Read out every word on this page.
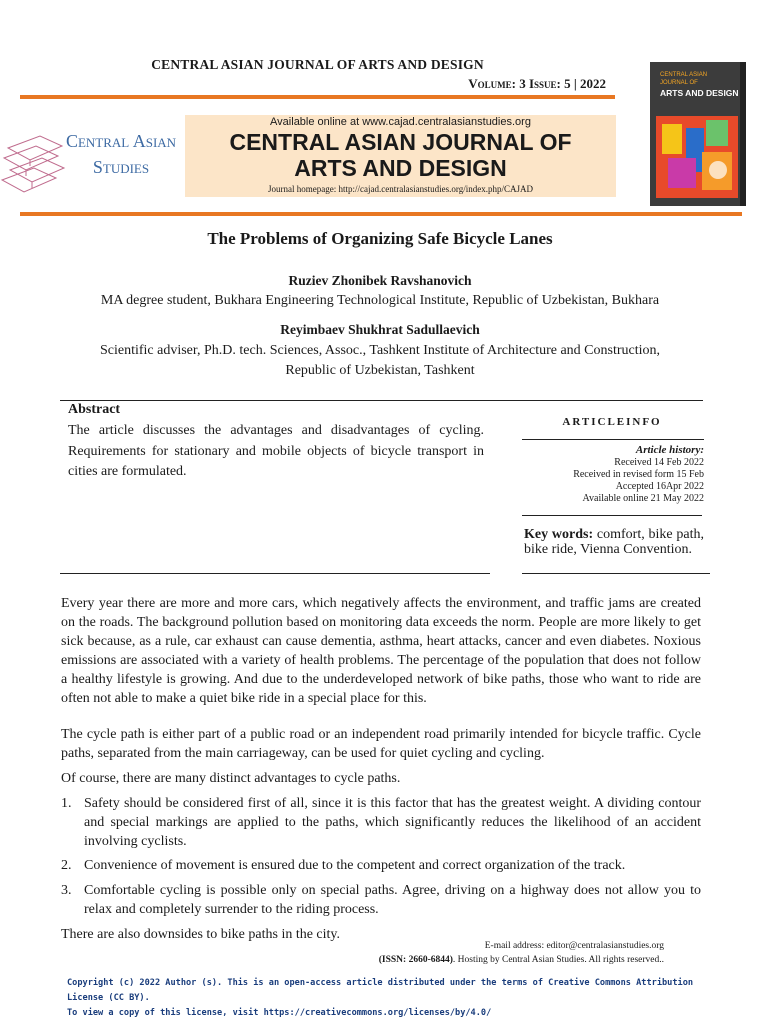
CENTRAL ASIAN JOURNAL OF ARTS AND DESIGN
Volume: 3 Issue: 5 | 2022
Central Asian
Studies
Available online at www.cajad.centralasianstudies.org
CENTRAL ASIAN JOURNAL OF
ARTS AND DESIGN
Journal homepage: http://cajad.centralasianstudies.org/index.php/CAJAD
CENTRAL ASIAN
JOURNAL OF
ARTS AND DESIGN
The Problems of Organizing Safe Bicycle Lanes
Ruziev Zhonibek Ravshanovich
MA degree student, Bukhara Engineering Technological Institute, Republic of Uzbekistan, Bukhara
Reyimbaev Shukhrat Sadullaevich
Scientific adviser, Ph.D. tech. Sciences, Assoc., Tashkent Institute of Architecture and Construction,
Republic of Uzbekistan, Tashkent
Abstract
The article discusses the advantages and disadvantages of cycling. Requirements for stationary and mobile objects of bicycle transport in cities are formulated.
ARTICLEINFO
Article history:
Received 14 Feb 2022
Received in revised form 15 Feb
Accepted 16Apr 2022
Available online 21 May 2022
Key words: comfort, bike path, bike ride, Vienna Convention.
Every year there are more and more cars, which negatively affects the environment, and traffic jams are created on the roads. The background pollution based on monitoring data exceeds the norm. People are more likely to get sick because, as a rule, car exhaust can cause dementia, asthma, heart attacks, cancer and even diabetes. Noxious emissions are associated with a variety of health problems. The percentage of the population that does not follow a healthy lifestyle is growing. And due to the underdeveloped network of bike paths, those who want to ride are often not able to make a quiet bike ride in a special place for this.
The cycle path is either part of a public road or an independent road primarily intended for bicycle traffic. Cycle paths, separated from the main carriageway, can be used for quiet cycling and cycling.
Of course, there are many distinct advantages to cycle paths.
1. Safety should be considered first of all, since it is this factor that has the greatest weight. A dividing contour and special markings are applied to the paths, which significantly reduces the likelihood of an accident involving cyclists.
2. Convenience of movement is ensured due to the competent and correct organization of the track.
3. Comfortable cycling is possible only on special paths. Agree, driving on a highway does not allow you to relax and completely surrender to the riding process.
There are also downsides to bike paths in the city.
E-mail address: editor@centralasianstudies.org
(ISSN: 2660-6844). Hosting by Central Asian Studies. All rights reserved..
Copyright (c) 2022 Author (s). This is an open-access article distributed under the terms of Creative Commons Attribution License (CC BY).
To view a copy of this license, visit https://creativecommons.org/licenses/by/4.0/
